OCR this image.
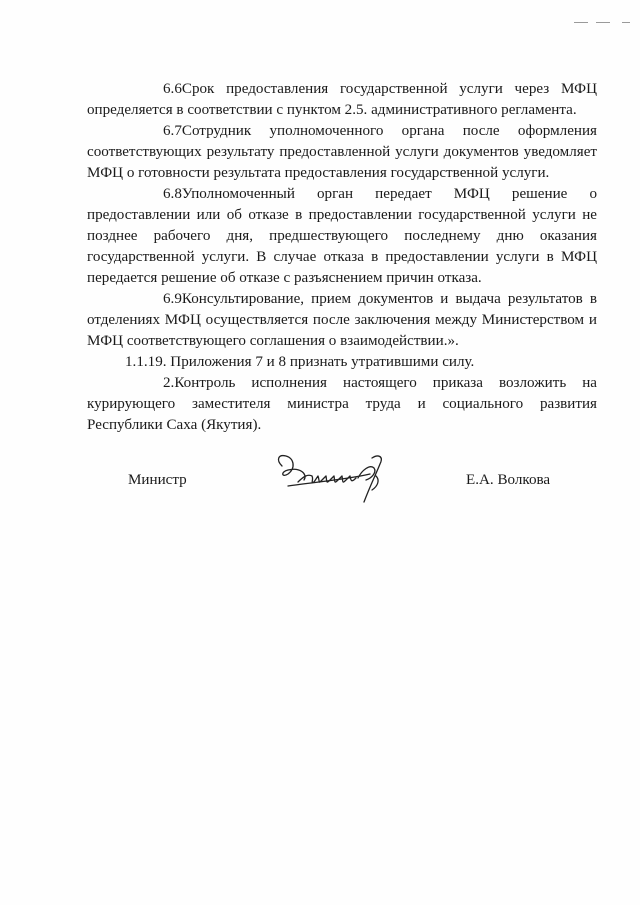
6.6Срок предоставления государственной услуги через МФЦ определяется в соответствии с пунктом 2.5. административного регламента.

6.7Сотрудник уполномоченного органа после оформления соответствующих результату предоставленной услуги документов уведомляет МФЦ о готовности результата предоставления государственной услуги.

6.8Уполномоченный орган передает МФЦ решение о предоставлении или об отказе в предоставлении государственной услуги не позднее рабочего дня, предшествующего последнему дню оказания государственной услуги. В случае отказа в предоставлении услуги в МФЦ передается решение об отказе с разъяснением причин отказа.

6.9Консультирование, прием документов и выдача результатов в отделениях МФЦ осуществляется после заключения между Министерством и МФЦ соответствующего соглашения о взаимодействии.».

1.1.19. Приложения 7 и 8 признать утратившими силу.

2.Контроль исполнения настоящего приказа возложить на курирующего заместителя министра труда и социального развития Республики Саха (Якутия).

Министр	Е.А. Волкова
